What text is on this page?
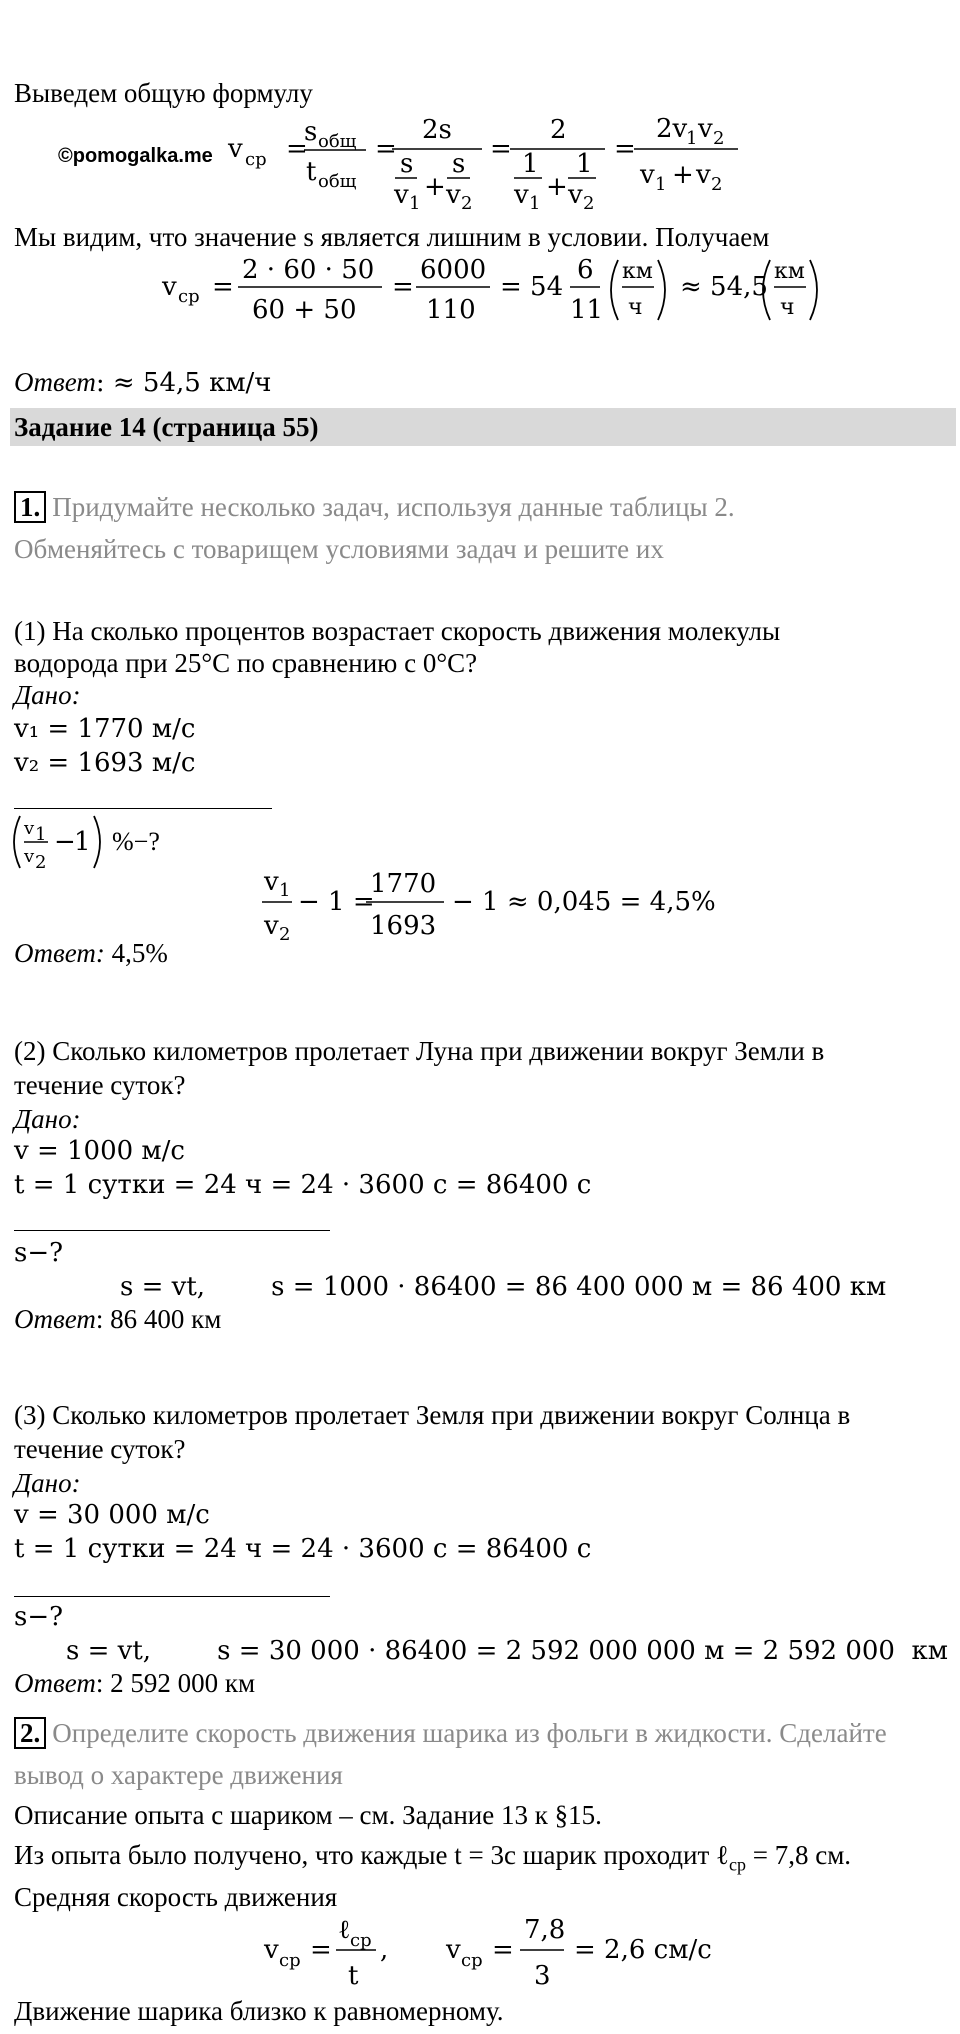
Выведем общую формулу
©pomogalka.me v cp =
s общ
t общ
=
2s
s
v 1
+
s
v 2
=
2
1
v 1
+
1
v 2
=
2v
1 v 2
v 1 + v 2
Мы видим, что значение s является лишним в условии. Получаем
v cp =
2 · 60 · 50
60 + 50
=
6000
110
= 54
6
11
км
ч
≈ 54,5
км
ч
Ответ: ≈ 54,5 км/ч
Задание 14 (страница 55)
1. Придумайте несколько задач, используя данные таблицы 2.
Обменяйтесь с товарищем условиями задач и решите их
(1) На сколько процентов возрастает скорость движения молекулы
водорода при 25°С по сравнению с 0°С?
Дано:
v₁ = 1770 м/с
v₂ = 1693 м/с
v 1
v 2
−
1 %−?
v 1
v 2
− 1 =
1770
1693
− 1 ≈ 0,045 = 4,5%
Ответ: 4,5%
(2) Сколько километров пролетает Луна при движении вокруг Земли в
течение суток?
Дано:
v = 1000 м/с
t = 1 сутки = 24 ч = 24 · 3600 с = 86400 с
s−?
s = vt,        s = 1000 · 86400 = 86 400 000 м = 86 400 км
Ответ: 86 400 км
(3) Сколько километров пролетает Земля при движении вокруг Солнца в
течение суток?
Дано:
v = 30 000 м/с
t = 1 сутки = 24 ч = 24 · 3600 с = 86400 с
s−?
s = vt,        s = 30 000 · 86400 = 2 592 000 000 м = 2 592 000  км
Ответ: 2 592 000 км
2. Определите скорость движения шарика из фольги в жидкости. Сделайте
вывод о характере движения
Описание опыта с шариком – см. Задание 13 к §15.
Из опыта было получено, что каждые t = 3с шарик проходит ℓ$_{cp}$ = 7,8 см.
Средняя скорость движения
v cp =
ℓ cp
t
, v cp =
7,8
3
= 2,6 см/с
Движение шарика близко к равномерному.
